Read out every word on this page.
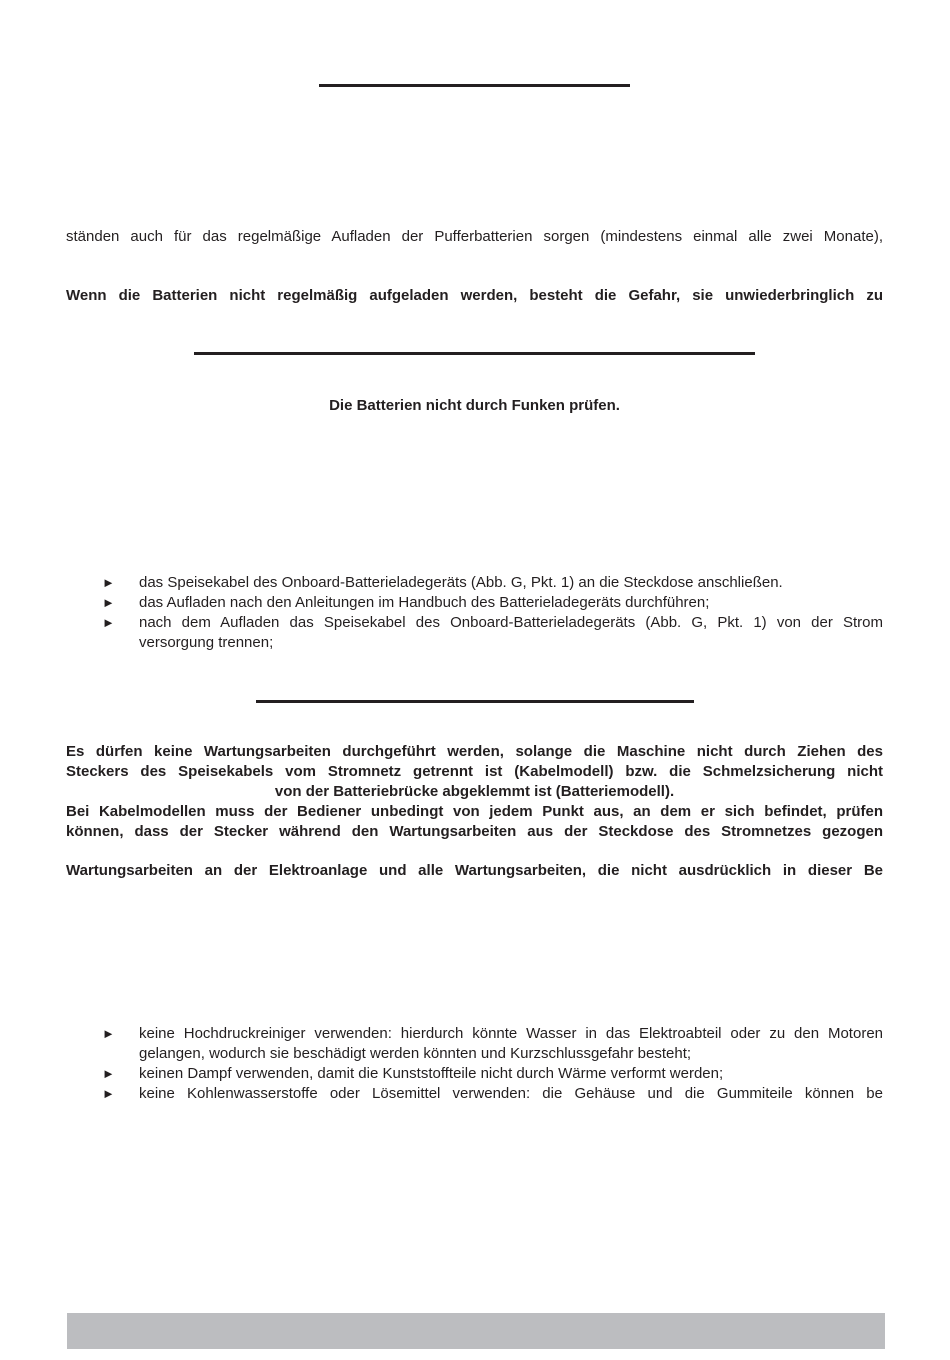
ständen auch für das regelmäßige Aufladen der Pufferbatterien sorgen (mindestens einmal alle zwei Monate),

Wenn die Batterien nicht regelmäßig aufgeladen werden, besteht die Gefahr, sie unwiederbringlich zu

Die Batterien nicht durch Funken prüfen.

► das Speisekabel des Onboard-Batterieladegeräts (Abb. G, Pkt. 1) an die Steckdose anschließen.
► das Aufladen nach den Anleitungen im Handbuch des Batterieladegeräts durchführen;
► nach dem Aufladen das Speisekabel des Onboard-Batterieladegeräts (Abb. G, Pkt. 1) von der Strom versorgung trennen;
Es dürfen keine Wartungsarbeiten durchgeführt werden, solange die Maschine nicht durch Ziehen des
Steckers des Speisekabels vom Stromnetz getrennt ist (Kabelmodell) bzw. die Schmelzsicherung nicht
von der Batteriebrücke abgeklemmt ist (Batteriemodell).
Bei Kabelmodellen muss der Bediener unbedingt von jedem Punkt aus, an dem er sich befindet, prüfen
können, dass der Stecker während den Wartungsarbeiten aus der Steckdose des Stromnetzes gezogen

Wartungsarbeiten an der Elektroanlage und alle Wartungsarbeiten, die nicht ausdrücklich in dieser Be

► keine Hochdruckreiniger verwenden: hierdurch könnte Wasser in das Elektroabteil oder zu den Motoren gelangen, wodurch sie beschädigt werden könnten und Kurzschlussgefahr besteht;
► keinen Dampf verwenden, damit die Kunststoffteile nicht durch Wärme verformt werden;
► keine Kohlenwasserstoffe oder Lösemittel verwenden: die Gehäuse und die Gummiteile können be
